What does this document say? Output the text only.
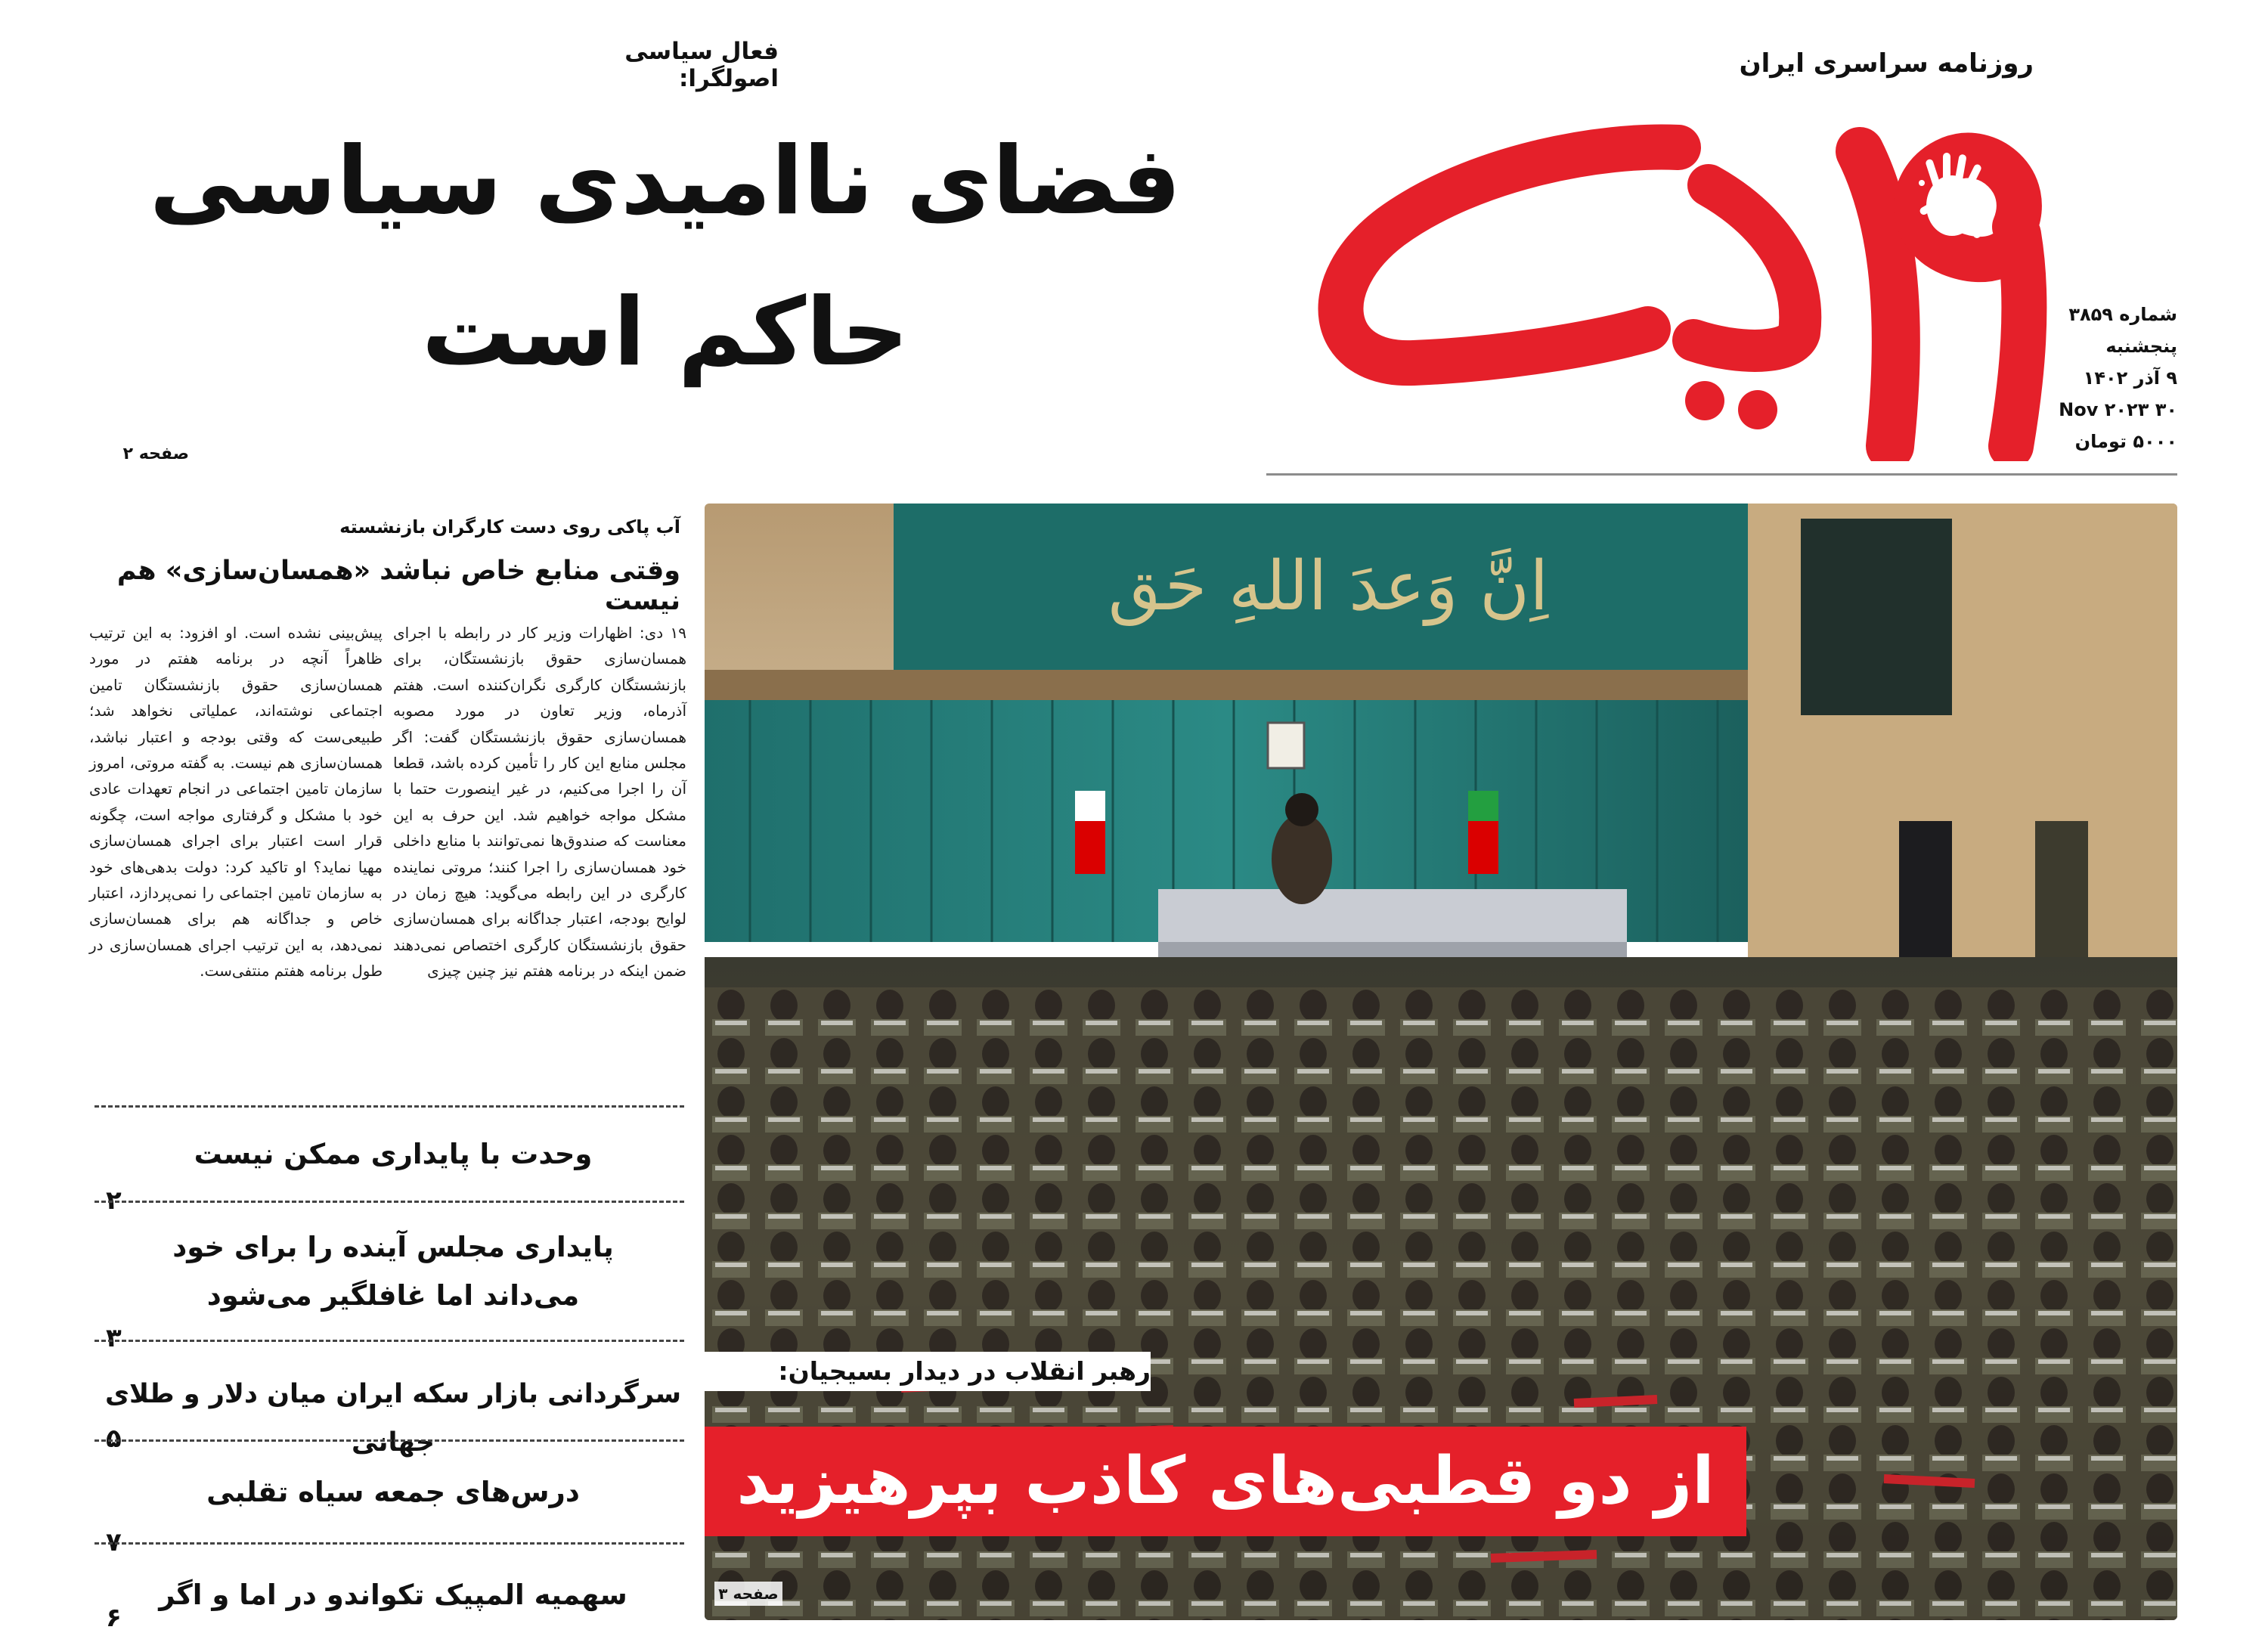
روزنامه سراسری ایران
شماره ۳۸۵۹
پنجشنبه
۹ آذر ۱۴۰۲
۳۰ Nov ۲۰۲۳
۵۰۰۰ تومان
فعال سیاسی اصولگرا:
فضای ناامیدی سیاسی
حاکم است
صفحه ۲
آب پاکی روی دست کارگران بازنشسته
وقتی منابع خاص نباشد «همسان‌سازی» هم نیست
۱۹ دی: اظهارات وزیر کار در رابطه با اجرای همسان‌سازی حقوق بازنشستگان، برای بازنشستگان کارگری نگران‌کننده است. هفتم آذرماه، وزیر تعاون در مورد مصوبه همسان‌سازی حقوق بازنشستگان گفت: اگر مجلس منابع این کار را تأمین کرده باشد، قطعا آن را اجرا می‌کنیم، در غیر اینصورت حتما با مشکل مواجه خواهیم شد. این حرف به این معناست که صندوق‌ها نمی‌توانند با منابع داخلی خود همسان‌سازی را اجرا کنند؛ مروتی نماینده کارگری در این رابطه می‌گوید: هیچ زمان در لوایح بودجه، اعتبار جداگانه برای همسان‌سازی حقوق بازنشستگان کارگری اختصاص نمی‌دهند ضمن اینکه در برنامه هفتم نیز چنین چیزی
پیش‌بینی نشده است. او افزود: به این ترتیب ظاهراً آنچه در برنامه هفتم در مورد همسان‌سازی حقوق بازنشستگان تامین اجتماعی نوشته‌اند، عملیاتی نخواهد شد؛ طبیعی‌ست که وقتی بودجه و اعتبار نباشد، همسان‌سازی هم نیست. به گفته مروتی، امروز سازمان تامین اجتماعی در انجام تعهدات عادی خود با مشکل و گرفتاری مواجه است، چگونه قرار است اعتبار برای اجرای همسان‌سازی مهیا نماید؟ او تاکید کرد: دولت بدهی‌های خود به سازمان تامین اجتماعی را نمی‌پردازد، اعتبار خاص و جداگانه هم برای همسان‌سازی نمی‌دهد، به این ترتیب اجرای همسان‌سازی در طول برنامه هفتم منتفی‌ست.
وحدت با پایداری ممکن نیست
۲
پایداری مجلس آینده را برای خود می‌داند اما غافلگیر می‌شود
۳
سرگردانی بازار سکه ایران میان دلار و طلای جهانی
۵
درس‌های جمعه سیاه تقلبی
۷
سهمیه المپیک تکواندو در اما و اگر
۶
اِنَّ وَعدَ اللهِ حَق
رهبر انقلاب در دیدار بسیجیان:
از دو قطبی‌های کاذب بپرهیزید
صفحه ۳
